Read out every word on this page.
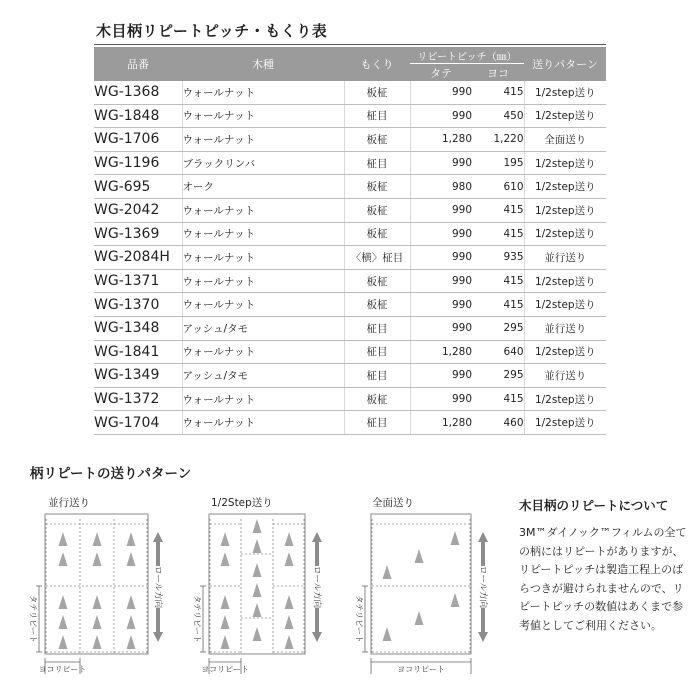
木目柄リピートピッチ・もくり表
品番	木種	もくり	リピートピッチ（㎜）		送りパターン
			タテ	ヨコ	
WG-1368	ウォールナット	板柾	990	415	1/2step送り
WG-1848	ウォールナット	柾目	990	450	1/2step送り
WG-1706	ウォールナット	板柾	1,280	1,220	全面送り
WG-1196	ブラックリンバ	柾目	990	195	1/2step送り
WG-695	オーク	板柾	980	610	1/2step送り
WG-2042	ウォールナット	板柾	990	415	1/2step送り
WG-1369	ウォールナット	板柾	990	415	1/2step送り
WG-2084H	ウォールナット	〈横〉柾目	990	935	並行送り
WG-1371	ウォールナット	板柾	990	415	1/2step送り
WG-1370	ウォールナット	板柾	990	415	1/2step送り
WG-1348	アッシュ/タモ	柾目	990	295	並行送り
WG-1841	ウォールナット	柾目	1,280	640	1/2step送り
WG-1349	アッシュ/タモ	柾目	990	295	並行送り
WG-1372	ウォールナット	板柾	990	415	1/2step送り
WG-1704	ウォールナット	柾目	1,280	460	1/2step送り
柄リピートの送りパターン
並行送り	1/2Step送り	全面送り
タテリピート
ヨコリピート
ロール方向
タテリピート
ヨコリピート
ロール方向
タテリピート
ヨコリピート
ロール方向
木目柄のリピートについて
3M™ダイノック™フィルムの全ての柄にはリピートがありますが、リピートピッチは製造工程上のばらつきが避けられませんので、リピートピッチの数値はあくまで参考値としてご利用ください。
